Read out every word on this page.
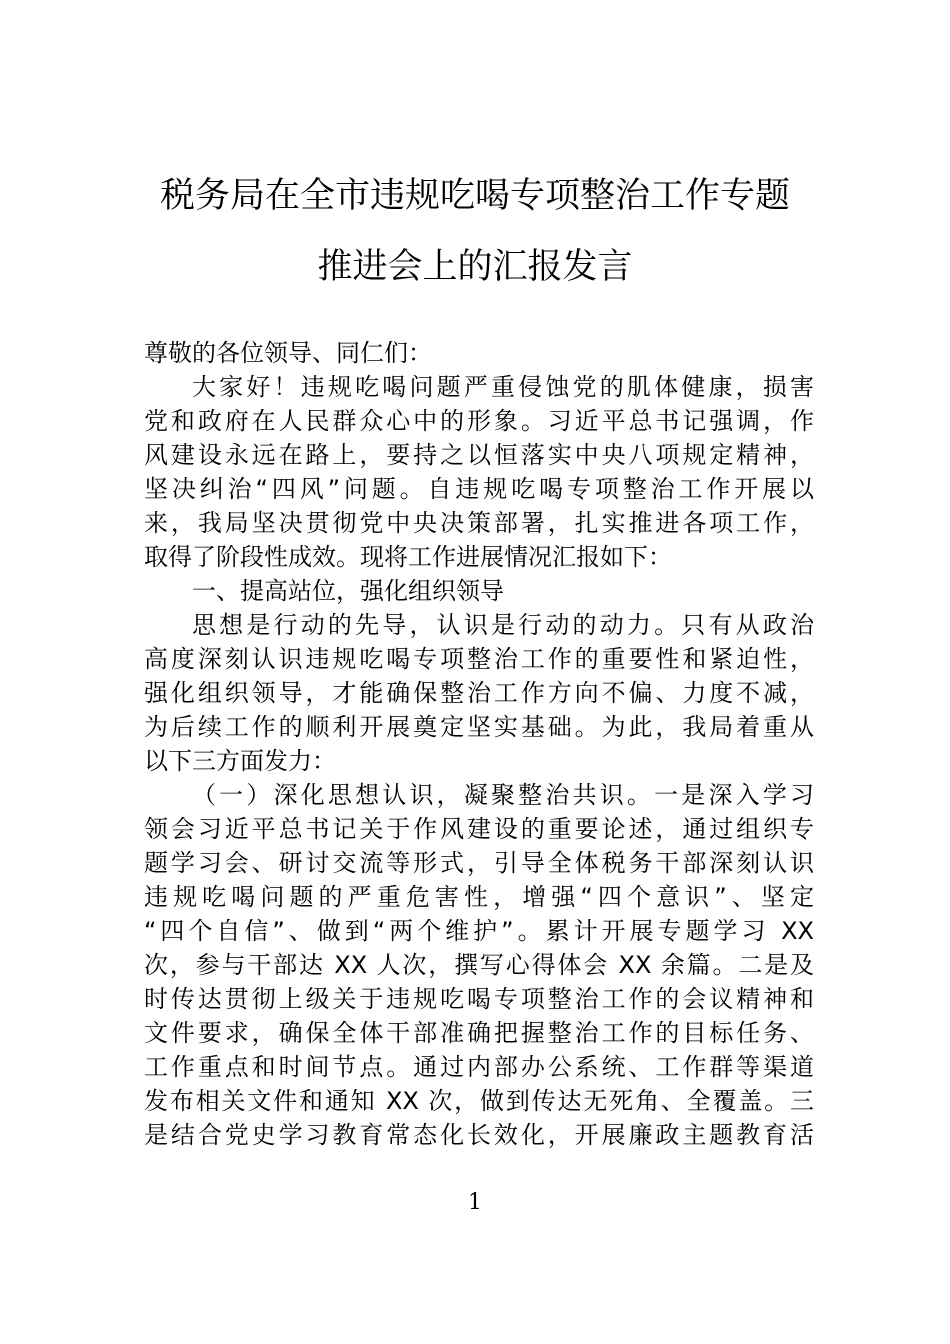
税务局在全市违规吃喝专项整治工作专题
推进会上的汇报发言
尊敬的各位领导、同仁们：
大家好！违规吃喝问题严重侵蚀党的肌体健康，损害
党和政府在人民群众心中的形象。习近平总书记强调，作
风建设永远在路上，要持之以恒落实中央八项规定精神，
坚决纠治“四风”问题。自违规吃喝专项整治工作开展以
来，我局坚决贯彻党中央决策部署，扎实推进各项工作，
取得了阶段性成效。现将工作进展情况汇报如下：
一、提高站位，强化组织领导
思想是行动的先导，认识是行动的动力。只有从政治
高度深刻认识违规吃喝专项整治工作的重要性和紧迫性，
强化组织领导，才能确保整治工作方向不偏、力度不减，
为后续工作的顺利开展奠定坚实基础。为此，我局着重从
以下三方面发力：
（一）深化思想认识，凝聚整治共识。一是深入学习
领会习近平总书记关于作风建设的重要论述，通过组织专
题学习会、研讨交流等形式，引导全体税务干部深刻认识
违规吃喝问题的严重危害性，增强“四个意识”、坚定
“四个自信”、做到“两个维护”。累计开展专题学习 XX
次，参与干部达 XX 人次，撰写心得体会 XX 余篇。二是及
时传达贯彻上级关于违规吃喝专项整治工作的会议精神和
文件要求，确保全体干部准确把握整治工作的目标任务、
工作重点和时间节点。通过内部办公系统、工作群等渠道
发布相关文件和通知 XX 次，做到传达无死角、全覆盖。三
是结合党史学习教育常态化长效化，开展廉政主题教育活
1
